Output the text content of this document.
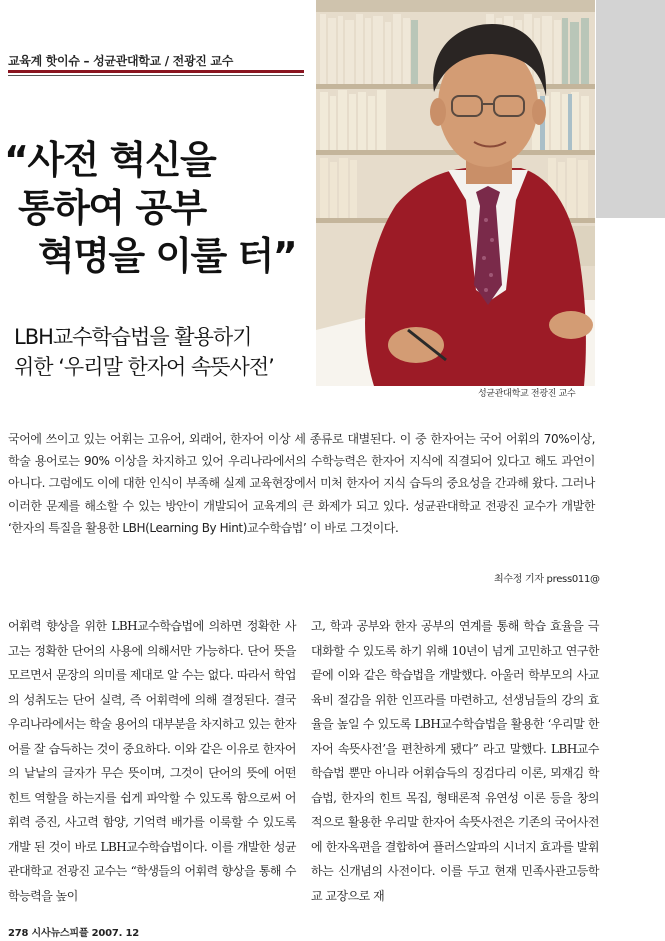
교육계 핫이슈 – 성균관대학교 / 전광진 교수
“사전 혁신을
통하여 공부
혁명을 이룰 터”
LBH교수학습법을 활용하기
위한 ‘우리말 한자어 속뜻사전’
성균관대학교 전광진 교수
국어에 쓰이고 있는 어휘는 고유어, 외래어, 한자어 이상 세 종류로 대별된다. 이 중 한자어는 국어 어휘의 70%이상, 학술 용어로는 90% 이상을 차지하고 있어 우리나라에서의 수학능력은 한자어 지식에 직결되어 있다고 해도 과언이 아니다. 그럼에도 이에 대한 인식이 부족해 실제 교육현장에서 미처 한자어 지식 습득의 중요성을 간과해 왔다. 그러나 이러한 문제를 해소할 수 있는 방안이 개발되어 교육계의 큰 화제가 되고 있다. 성균관대학교 전광진 교수가 개발한 ‘한자의 특질을 활용한 LBH(Learning By Hint)교수학습법’ 이 바로 그것이다.
최수정 기자 press011@
어휘력 향상을 위한 LBH교수학습법에 의하면 정확한 사고는 정확한 단어의 사용에 의해서만 가능하다. 단어 뜻을 모르면서 문장의 의미를 제대로 알 수는 없다. 따라서 학업의 성취도는 단어 실력, 즉 어휘력에 의해 결정된다. 결국 우리나라에서는 학술 용어의 대부분을 차지하고 있는 한자어를 잘 습득하는 것이 중요하다. 이와 같은 이유로 한자어의 낱낱의 글자가 무슨 뜻이며, 그것이 단어의 뜻에 어떤 힌트 역할을 하는지를 쉽게 파악할 수 있도록 함으로써 어휘력 증진, 사고력 함양, 기억력 배가를 이룩할 수 있도록 개발 된 것이 바로 LBH교수학습법이다. 이를 개발한 성균관대학교 전광진 교수는 “학생들의 어휘력 향상을 통해 수학능력을 높이
고, 학과 공부와 한자 공부의 연계를 통해 학습 효율을 극대화할 수 있도록 하기 위해 10년이 넘게 고민하고 연구한 끝에 이와 같은 학습법을 개발했다. 아울러 학부모의 사교육비 절감을 위한 인프라를 마련하고, 선생님들의 강의 효율을 높일 수 있도록 LBH교수학습법을 활용한 ‘우리말 한자어 속뜻사전’을 편찬하게 됐다” 라고 말했다. LBH교수학습법 뿐만 아니라 어휘습득의 징검다리 이론, 뫼재김 학습법, 한자의 힌트 목집, 형태론적 유연성 이론 등을 창의적으로 활용한 우리말 한자어 속뜻사전은 기존의 국어사전에 한자옥편을 결합하여 플러스알파의 시너지 효과를 발휘하는 신개념의 사전이다. 이를 두고 현재 민족사관고등학교 교장으로 재
278 시사뉴스피플 2007. 12
